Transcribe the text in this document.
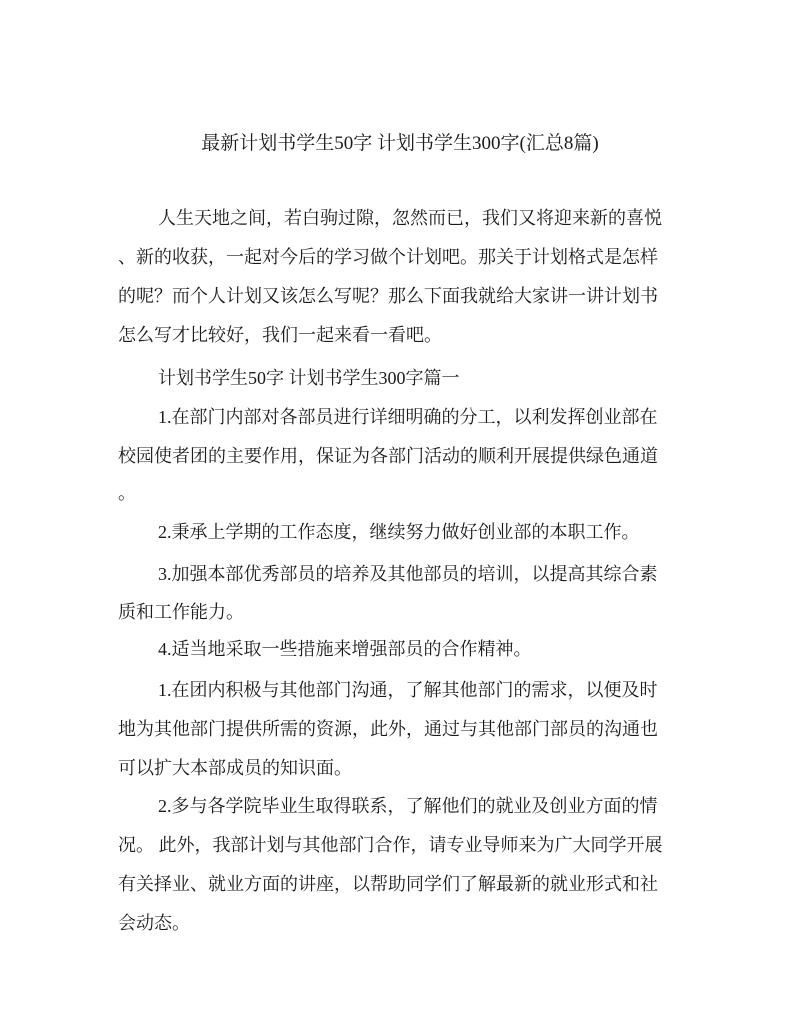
最新计划书学生50字 计划书学生300字(汇总8篇)
人生天地之间，若白驹过隙，忽然而已，我们又将迎来新的喜悦
、新的收获，一起对今后的学习做个计划吧。那关于计划格式是怎样
的呢？而个人计划又该怎么写呢？那么下面我就给大家讲一讲计划书
怎么写才比较好，我们一起来看一看吧。
计划书学生50字 计划书学生300字篇一
1.在部门内部对各部员进行详细明确的分工，以利发挥创业部在
校园使者团的主要作用，保证为各部门活动的顺利开展提供绿色通道
。
2.秉承上学期的工作态度，继续努力做好创业部的本职工作。
3.加强本部优秀部员的培养及其他部员的培训，以提高其综合素
质和工作能力。
4.适当地采取一些措施来增强部员的合作精神。
1.在团内积极与其他部门沟通，了解其他部门的需求，以便及时
地为其他部门提供所需的资源，此外，通过与其他部门部员的沟通也
可以扩大本部成员的知识面。
2.多与各学院毕业生取得联系，了解他们的就业及创业方面的情
况。 此外，我部计划与其他部门合作，请专业导师来为广大同学开展
有关择业、就业方面的讲座，以帮助同学们了解最新的就业形式和社
会动态。
